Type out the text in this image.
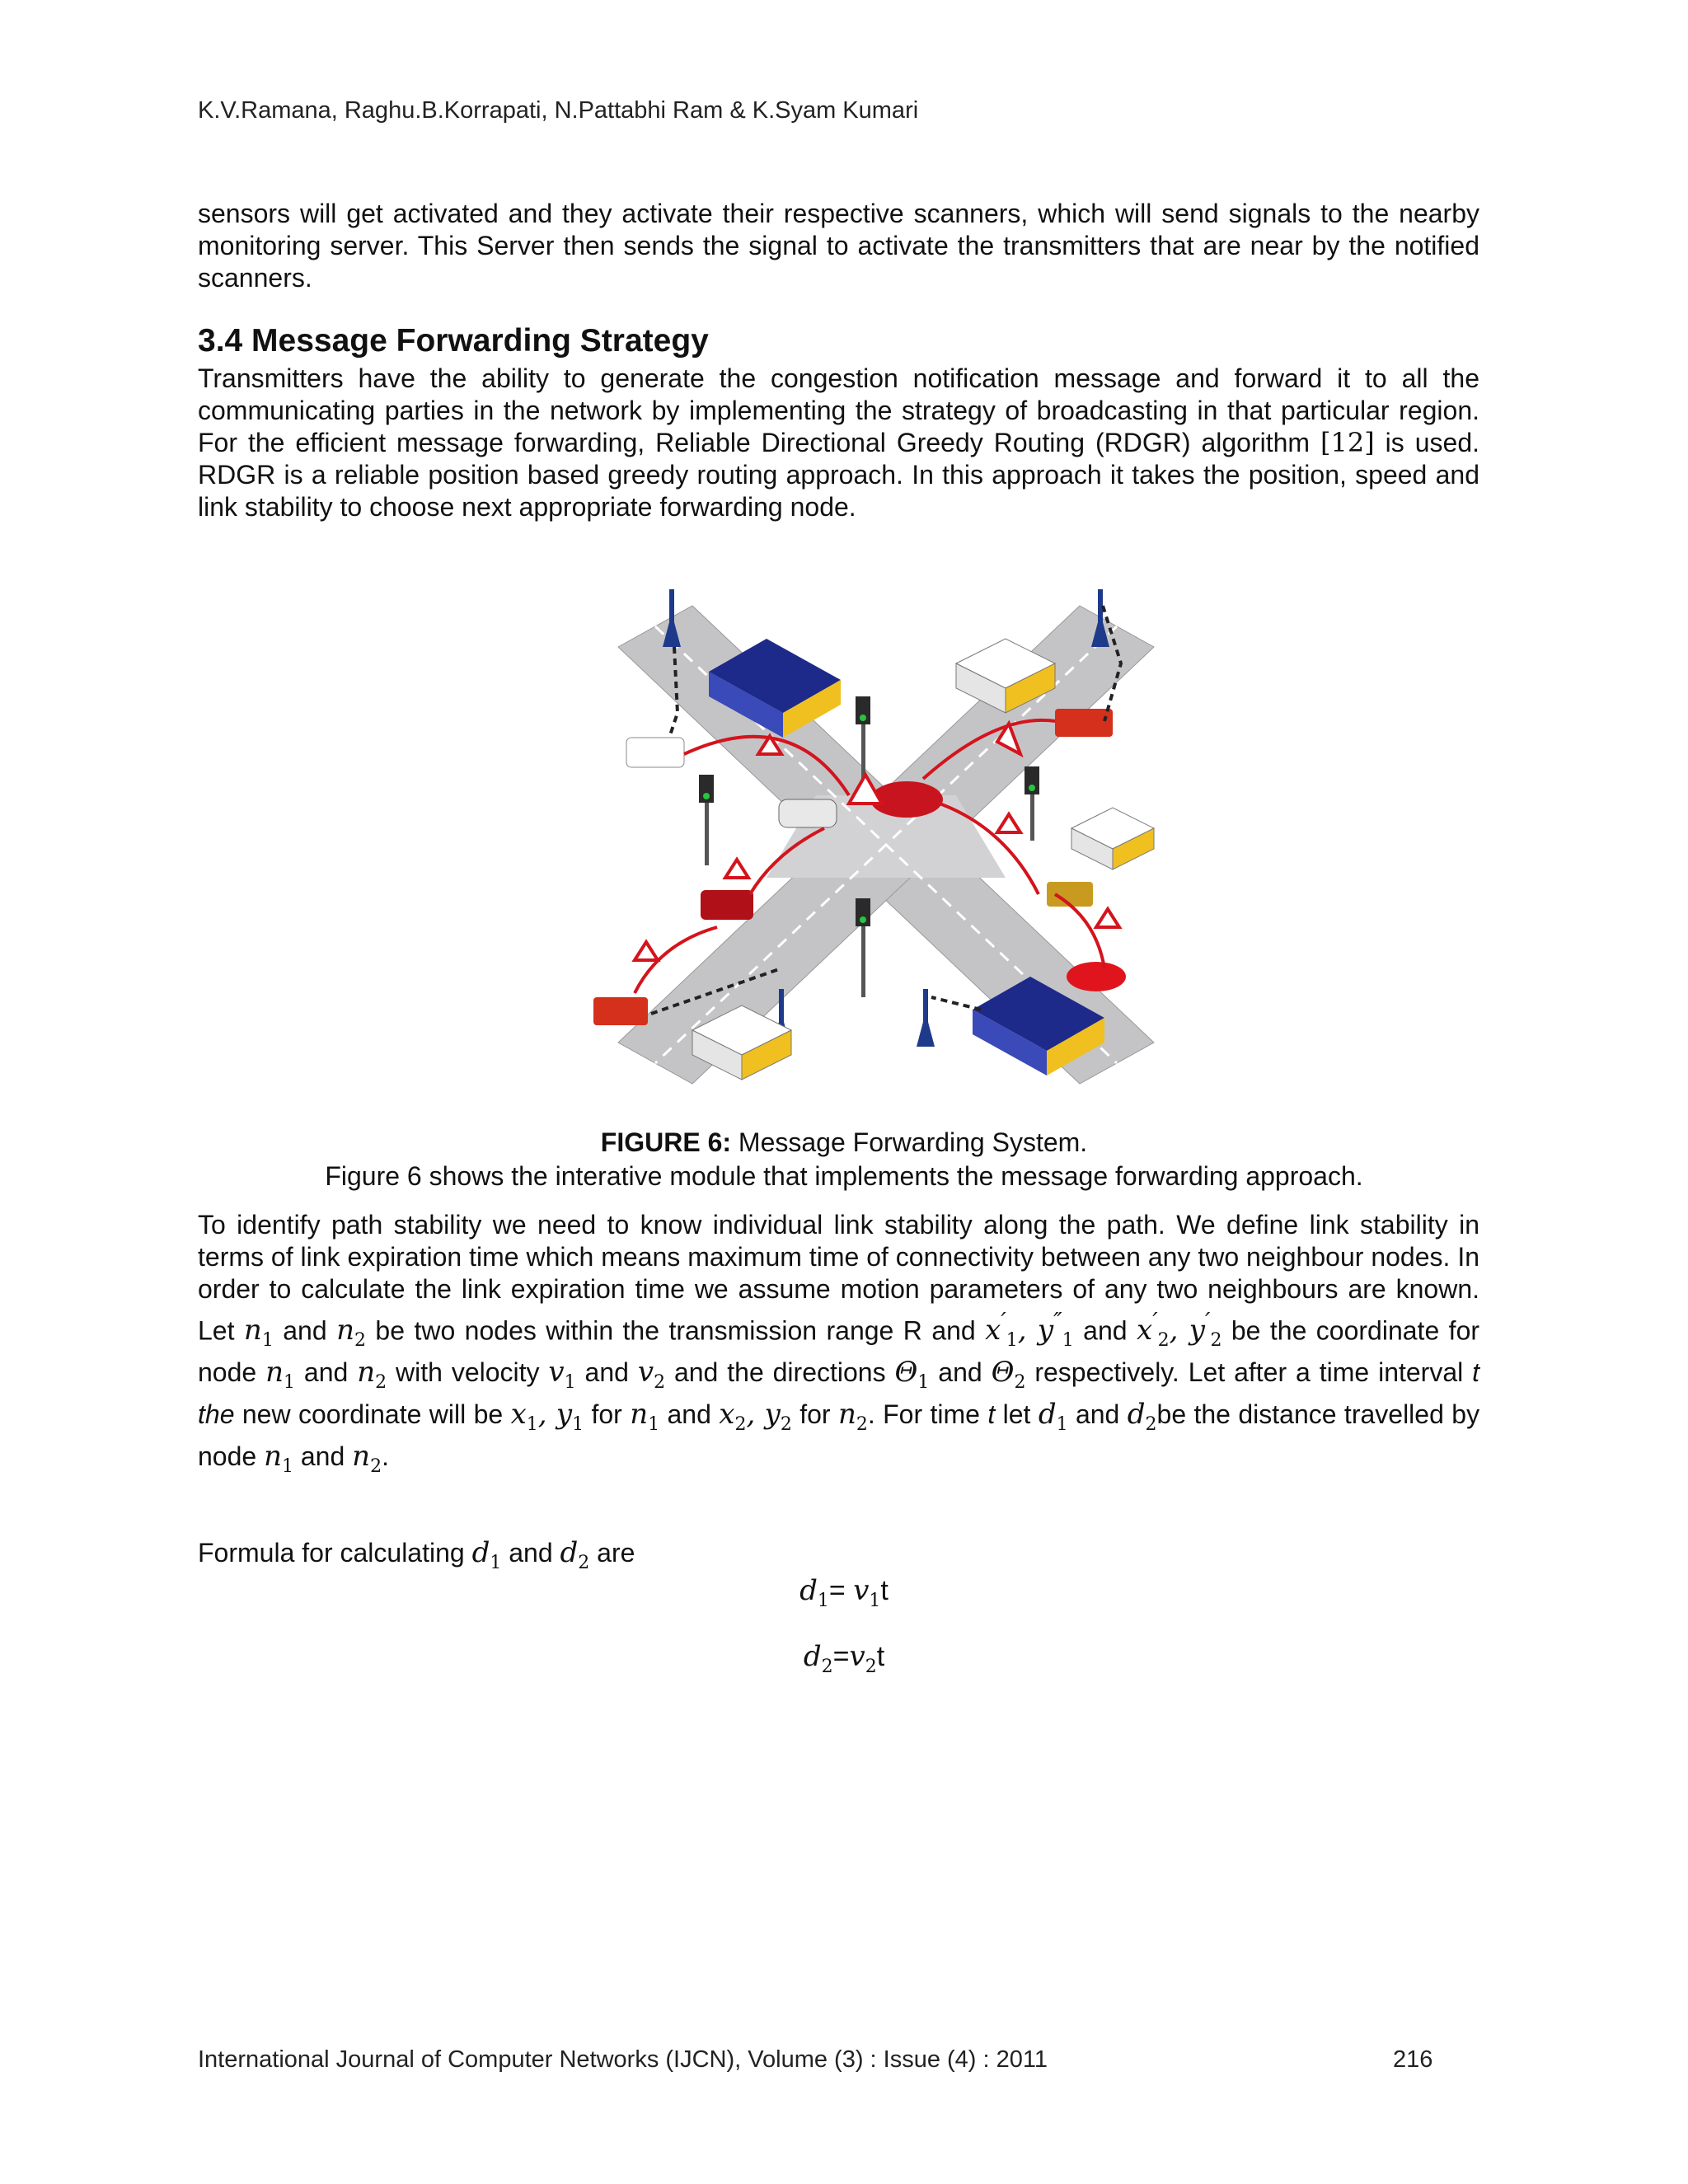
K.V.Ramana, Raghu.B.Korrapati, N.Pattabhi Ram & K.Syam Kumari

sensors will get activated and they activate their respective scanners, which will send signals to the nearby monitoring server. This Server then sends the signal to activate the transmitters that are near by the notified scanners.

3.4 Message Forwarding Strategy

Transmitters have the ability to generate the congestion notification message and forward it to all the communicating parties in the network by implementing the strategy of broadcasting in that particular region. For the efficient message forwarding, Reliable Directional Greedy Routing (RDGR) algorithm [12] is used. RDGR is a reliable position based greedy routing approach. In this approach it takes the position, speed and link stability to choose next appropriate forwarding node.

FIGURE 6: Message Forwarding System.
Figure 6 shows the interative module that implements the message forwarding approach.

To identify path stability we need to know individual link stability along the path. We define link stability in terms of link expiration time which means maximum time of connectivity between any two neighbour nodes. In order to calculate the link expiration time we assume motion parameters of any two neighbours are known. Let $n_1$ and $n_2$ be two nodes within the transmission range R and $x'_1$, $y''_1$ and $x'_2$, $y'_2$ be the coordinate for node $n_1$ and $n_2$ with velocity $v_1$ and $v_2$ and the directions $\Theta_1$ and $\Theta_2$ respectively. Let after a time interval t the new coordinate will be $x_1$, $y_1$ for $n_1$ and $x_2$, $y_2$ for $n_2$. For time t let $d_1$ and $d_2be$ the distance travelled by node $n_1$ and $n_2$.

Formula for calculating $d_1$ and $d_2$ are

$d_1= v_1t$
$d_2=v_2t$
International Journal of Computer Networks (IJCN), Volume (3) : Issue (4) : 2011	216
